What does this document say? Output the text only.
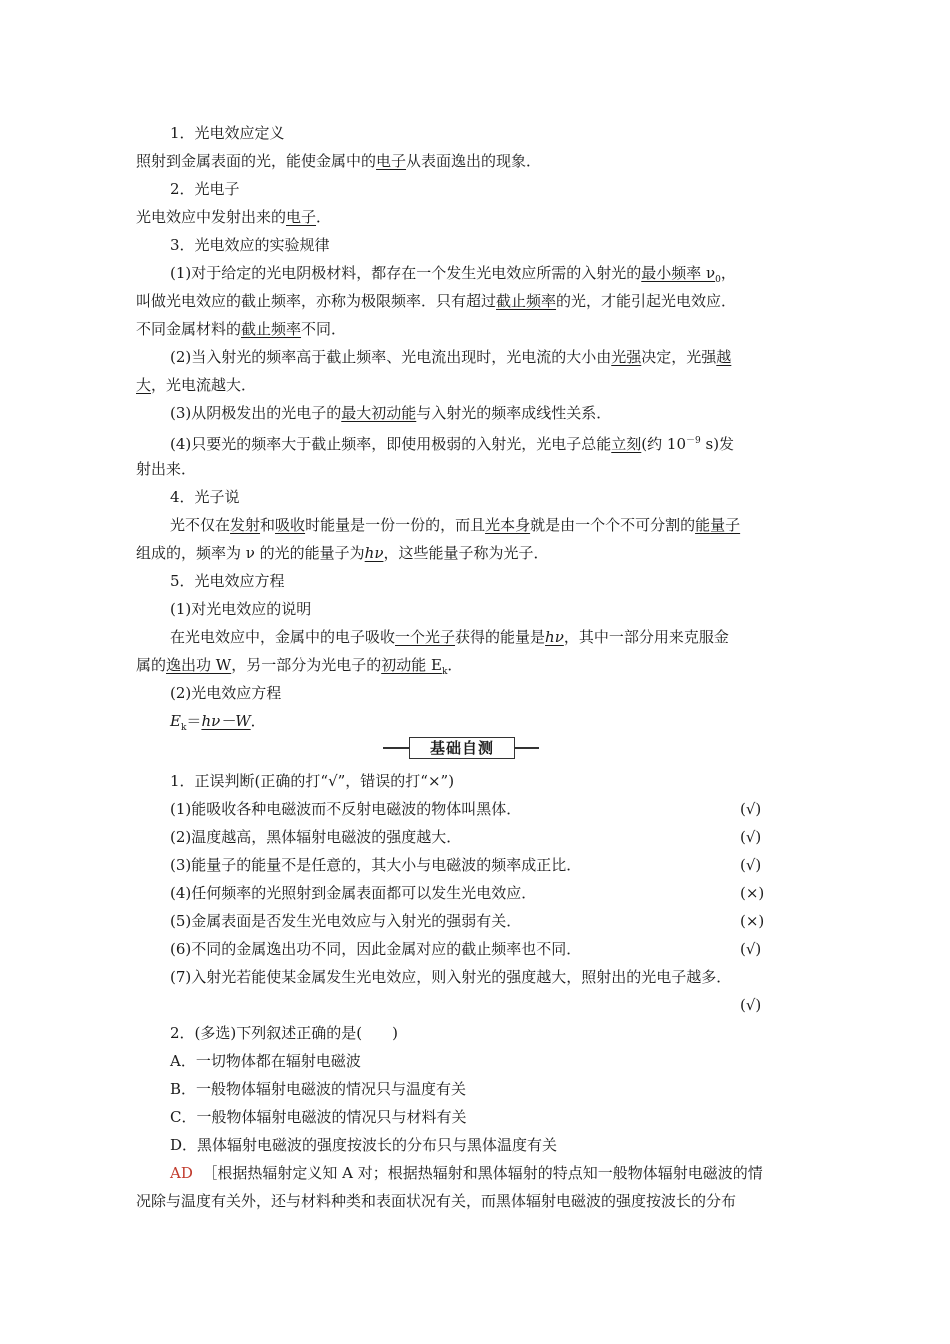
1．光电效应定义
照射到金属表面的光，能使金属中的电子从表面逸出的现象．
2．光电子
光电效应中发射出来的电子．
3．光电效应的实验规律
(1)对于给定的光电阴极材料，都存在一个发生光电效应所需的入射光的最小频率 $\nu_0$，
叫做光电效应的截止频率，亦称为极限频率．只有超过截止频率的光，才能引起光电效应．
不同金属材料的截止频率不同．
(2)当入射光的频率高于截止频率、光电流出现时，光电流的大小由光强决定，光强越
大，光电流越大．
(3)从阴极发出的光电子的最大初动能与入射光的频率成线性关系．
(4)只要光的频率大于截止频率，即使用极弱的入射光，光电子总能立刻(约 $10^{-9}$ s)发
射出来．
4．光子说
光不仅在发射和吸收时能量是一份一份的，而且光本身就是由一个个不可分割的能量子
组成的，频率为 ν 的光的能量子为hν，这些能量子称为光子．
5．光电效应方程
(1)对光电效应的说明
在光电效应中，金属中的电子吸收一个光子获得的能量是hν，其中一部分用来克服金
属的逸出功 W，另一部分为光电子的初动能 $E_k$．
(2)光电效应方程
$E_k=h\nu-W$．
基础自测
1．正误判断(正确的打“√”，错误的打“×”)
(1)能吸收各种电磁波而不反射电磁波的物体叫黑体．	(√)
(2)温度越高，黑体辐射电磁波的强度越大．	(√)
(3)能量子的能量不是任意的，其大小与电磁波的频率成正比．	(√)
(4)任何频率的光照射到金属表面都可以发生光电效应．	(×)
(5)金属表面是否发生光电效应与入射光的强弱有关．	(×)
(6)不同的金属逸出功不同，因此金属对应的截止频率也不同．	(√)
(7)入射光若能使某金属发生光电效应，则入射光的强度越大，照射出的光电子越多．
(√)
2．(多选)下列叙述正确的是(　　)
A．一切物体都在辐射电磁波
B．一般物体辐射电磁波的情况只与温度有关
C．一般物体辐射电磁波的情况只与材料有关
D．黑体辐射电磁波的强度按波长的分布只与黑体温度有关
AD ［根据热辐射定义知 A 对；根据热辐射和黑体辐射的特点知一般物体辐射电磁波的情
况除与温度有关外，还与材料种类和表面状况有关，而黑体辐射电磁波的强度按波长的分布
